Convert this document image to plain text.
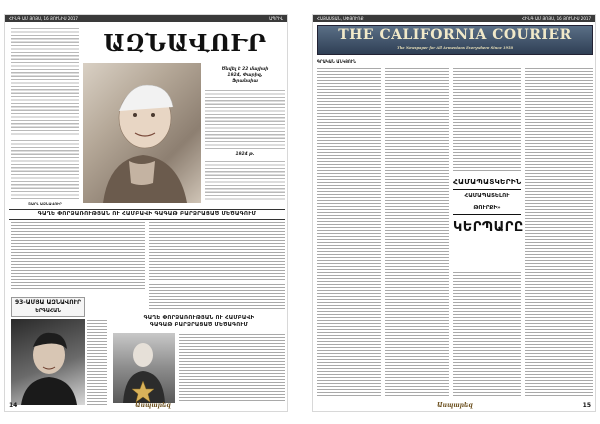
ՀԻՆԳ ԱՄ ՅՈՅՍ, 16 ՅՈՒՆԻՍ 2017	ԱՊՐԻԼ
ԱԶՆԱՎՈՒՐ
Ծնվել է 22 մայիսի
1924, Փարիզ,
Ֆրանսիա
1924 թ.
ՇԱՐԼ ԱԶՆԱՎՈՒՐ
ԳԱՂԵ ՓՈՐՁԱՌՈՒԹՅԱՆ ՈՒ ՀԱՄԲԱՎԻ ԳԱԳԱԹ ԲԱՐՁՐԱՑԱԾ ՄԵԾԱԳՈՒՄ
93-ԱՄՅԱ ԱԶՆԱՎՈՒՐ
ԵՐԳԱՀԱՆ
ԳԱՂԵ ՓՈՐՁԱՌՈՒԹՅԱՆ ՈՒ ՀԱՄԲԱՎԻ
ԳԱԳԱԹ ԲԱՐՁՐԱՑԱԾ ՄԵԾԱԳՈՒՄ
14	Ասպարեզ
ՀԱՅԱՍՏԱՆ, ՍՓՅՈՒՌՔ	ՀԻՆԳ ԱՄ ՅՈՅՍ, 16 ՅՈՒՆԻՍ 2017
THE CALIFORNIA COURIER
The Newspaper for All Armenians Everywhere Since 1958
ԳՐԱԿԱՆ ԱՆԿՅՈՒՆ
ՀԱՄԱՊԱՏԿԵՐԻՆ
ՀԱՄԱՊԱՏԵԼՈՒ ԹՈՒՐՔԻ»
ԿԵՐՊԱՐԸ
Ասպարեզ	15
